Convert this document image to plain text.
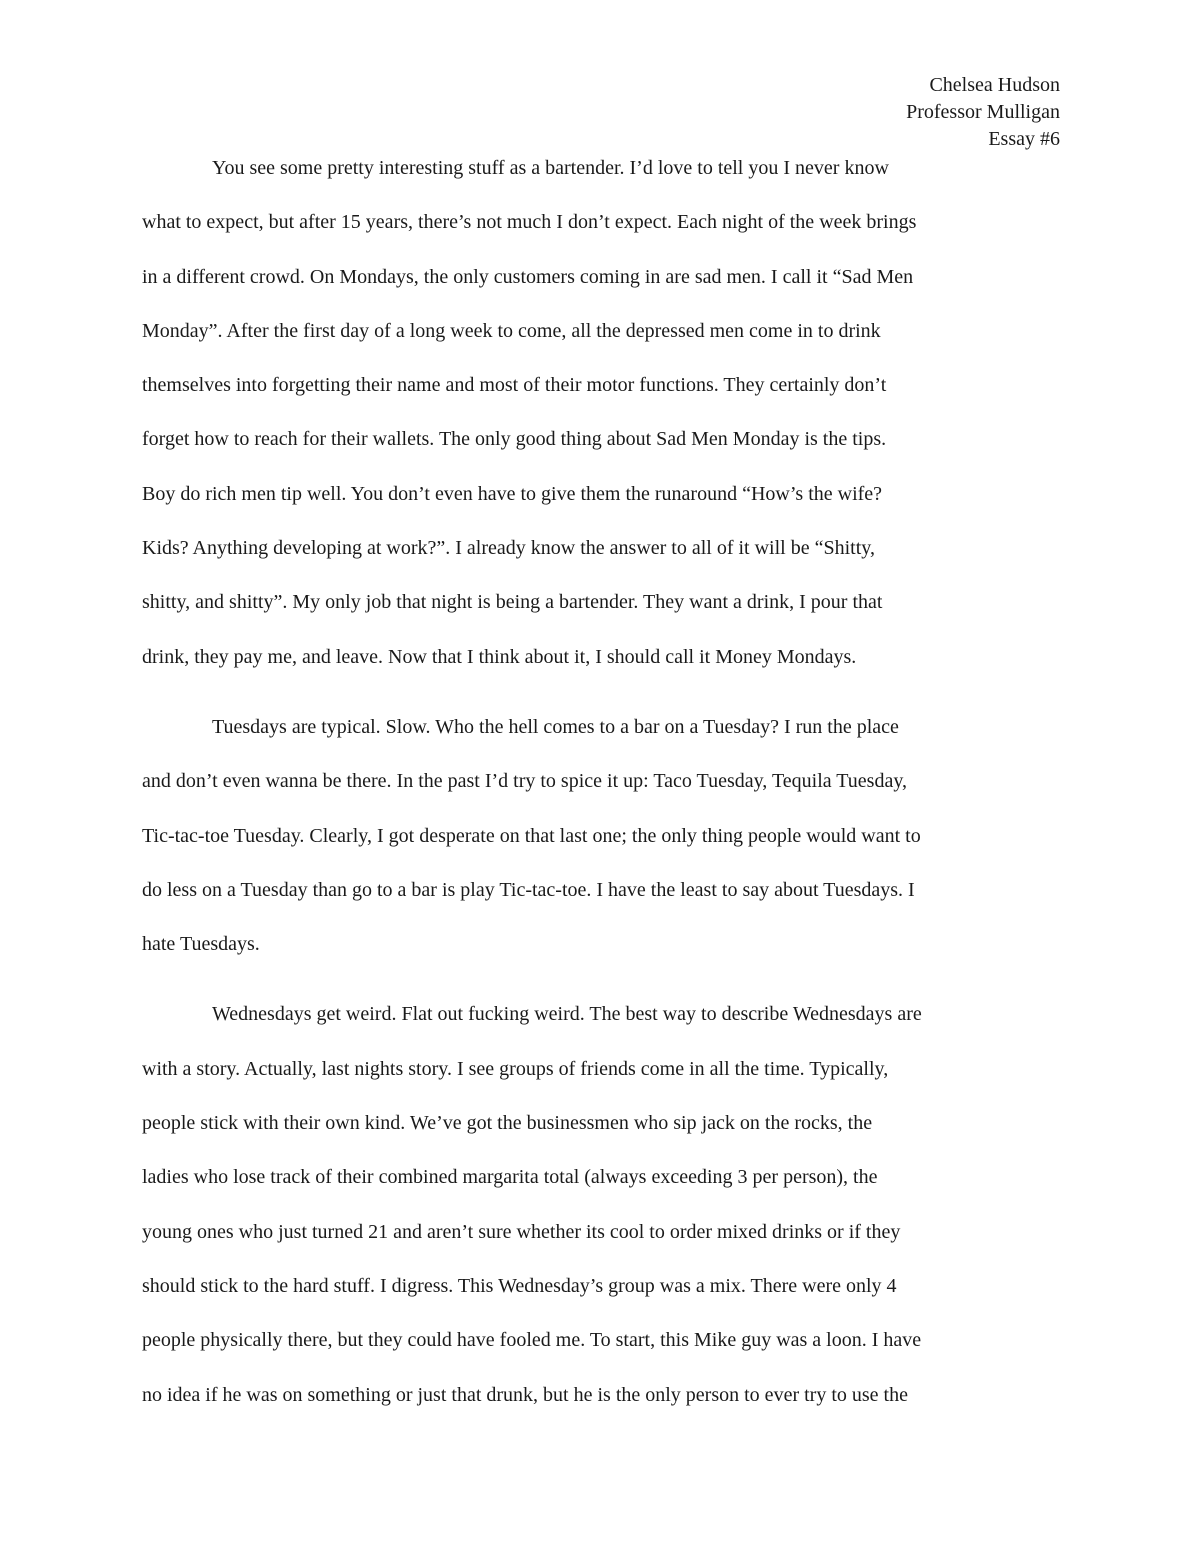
Chelsea Hudson
Professor Mulligan
Essay #6
You see some pretty interesting stuff as a bartender. I’d love to tell you I never know
what to expect, but after 15 years, there’s not much I don’t expect. Each night of the week brings
in a different crowd. On Mondays, the only customers coming in are sad men. I call it “Sad Men
Monday”. After the first day of a long week to come, all the depressed men come in to drink
themselves into forgetting their name and most of their motor functions. They certainly don’t
forget how to reach for their wallets. The only good thing about Sad Men Monday is the tips.
Boy do rich men tip well. You don’t even have to give them the runaround “How’s the wife?
Kids? Anything developing at work?”. I already know the answer to all of it will be “Shitty,
shitty, and shitty”. My only job that night is being a bartender. They want a drink, I pour that
drink, they pay me, and leave. Now that I think about it, I should call it Money Mondays.
Tuesdays are typical. Slow. Who the hell comes to a bar on a Tuesday? I run the place
and don’t even wanna be there. In the past I’d try to spice it up: Taco Tuesday, Tequila Tuesday,
Tic-tac-toe Tuesday. Clearly, I got desperate on that last one; the only thing people would want to
do less on a Tuesday than go to a bar is play Tic-tac-toe. I have the least to say about Tuesdays. I
hate Tuesdays.
Wednesdays get weird. Flat out fucking weird. The best way to describe Wednesdays are
with a story. Actually, last nights story. I see groups of friends come in all the time. Typically,
people stick with their own kind. We’ve got the businessmen who sip jack on the rocks, the
ladies who lose track of their combined margarita total (always exceeding 3 per person), the
young ones who just turned 21 and aren’t sure whether its cool to order mixed drinks or if they
should stick to the hard stuff. I digress. This Wednesday’s group was a mix. There were only 4
people physically there, but they could have fooled me. To start, this Mike guy was a loon. I have
no idea if he was on something or just that drunk, but he is the only person to ever try to use the
